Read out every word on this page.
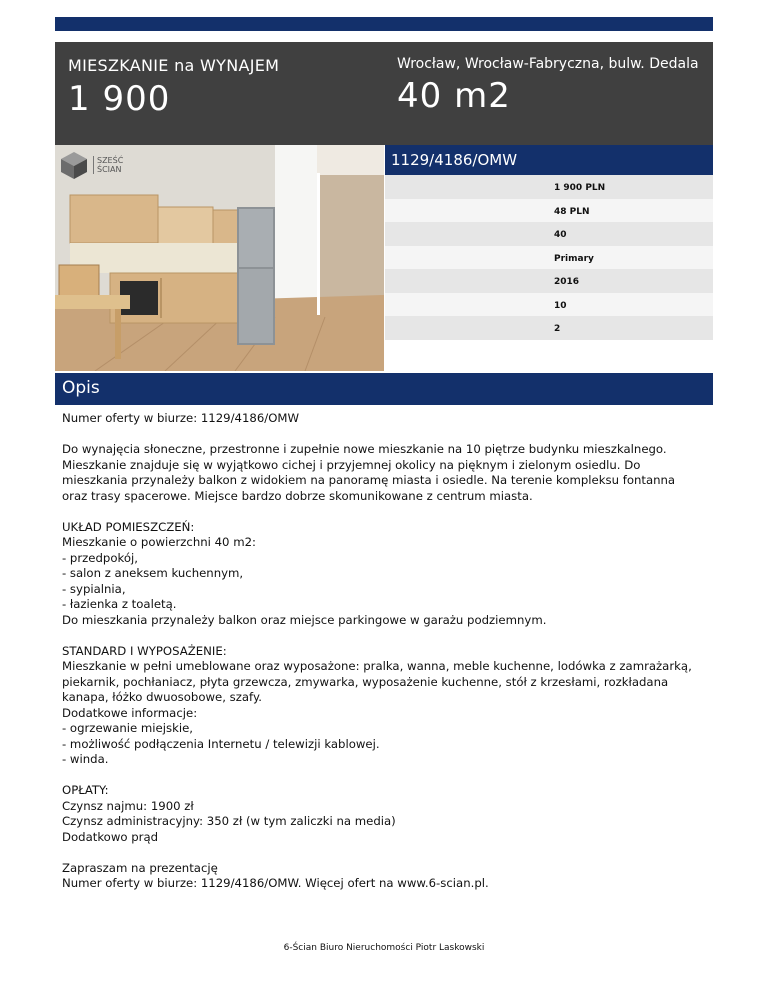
MIESZKANIE na WYNAJEM
1 900
Wrocław, Wrocław-Fabryczna, bulw. Dedala
40 m2
SZEŚĆ
ŚCIAN
1129/4186/OMW
1 900 PLN
48 PLN
40
Primary
2016
10
2
Opis

Numer oferty w biurze: 1129/4186/OMW

Do wynajęcia słoneczne, przestronne i zupełnie nowe mieszkanie na 10 piętrze budynku mieszkalnego. Mieszkanie znajduje się w wyjątkowo cichej i przyjemnej okolicy na pięknym i zielonym osiedlu. Do mieszkania przynależy balkon z widokiem na panoramę miasta i osiedle. Na terenie kompleksu fontanna oraz trasy spacerowe. Miejsce bardzo dobrze skomunikowane z centrum miasta.

UKŁAD POMIESZCZEŃ:
Mieszkanie o powierzchni 40 m2:
- przedpokój,
- salon z aneksem kuchennym,
- sypialnia,
- łazienka z toaletą.
Do mieszkania przynależy balkon oraz miejsce parkingowe w garażu podziemnym.

STANDARD I WYPOSAŻENIE:
Mieszkanie w pełni umeblowane oraz wyposażone: pralka, wanna, meble kuchenne, lodówka z zamrażarką, piekarnik, pochłaniacz, płyta grzewcza, zmywarka, wyposażenie kuchenne, stół z krzesłami, rozkładana kanapa, łóżko dwuosobowe, szafy.
Dodatkowe informacje:
- ogrzewanie miejskie,
- możliwość podłączenia Internetu / telewizji kablowej.
- winda.

OPŁATY:
Czynsz najmu: 1900 zł
Czynsz administracyjny: 350 zł (w tym zaliczki na media)
Dodatkowo prąd

Zapraszam na prezentację
Numer oferty w biurze: 1129/4186/OMW. Więcej ofert na www.6-scian.pl.

6-Ścian Biuro Nieruchomości Piotr Laskowski
